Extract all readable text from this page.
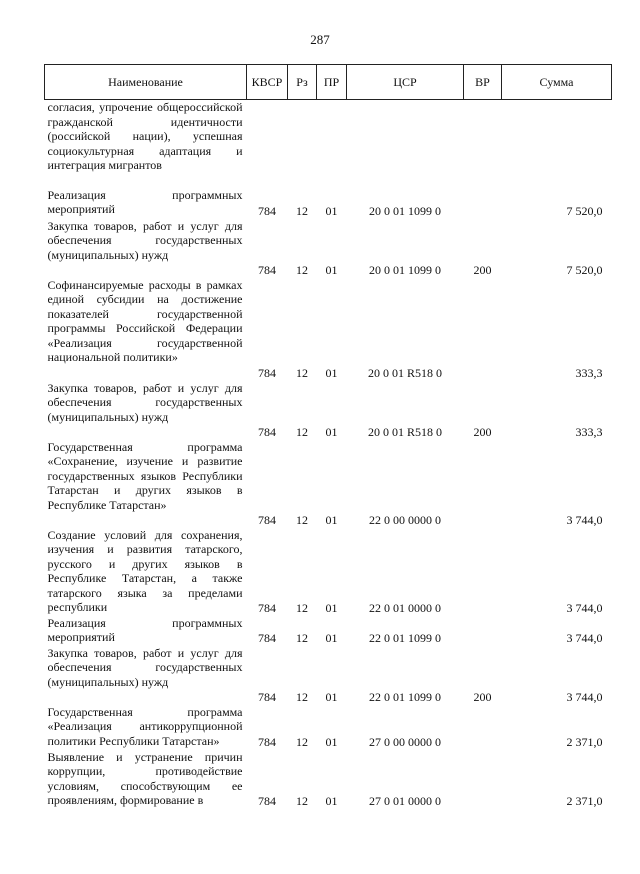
287
Наименование	КВСР	Рз	ПР	ЦСР	ВР	Сумма
согласия, упрочение общероссийской гражданской идентичности (российской нации), успешная социокультурная адаптация и интеграция мигрантов						
Реализация программных мероприятий	784	12	01	20 0 01 1099 0		7 520,0
Закупка товаров, работ и услуг для обеспечения государственных (муниципальных) нужд	784	12	01	20 0 01 1099 0	200	7 520,0
Софинансируемые расходы в рамках единой субсидии на достижение показателей государственной программы Российской Федерации «Реализация государственной национальной политики»	784	12	01	20 0 01 R518 0		333,3
Закупка товаров, работ и услуг для обеспечения государственных (муниципальных) нужд	784	12	01	20 0 01 R518 0	200	333,3
Государственная программа «Сохранение, изучение и развитие государственных языков Республики Татарстан и других языков в Республике Татарстан»	784	12	01	22 0 00 0000 0		3 744,0
Создание условий для сохранения, изучения и развития татарского, русского и других языков в Республике Татарстан, а также татарского языка за пределами республики	784	12	01	22 0 01 0000 0		3 744,0
Реализация программных мероприятий	784	12	01	22 0 01 1099 0		3 744,0
Закупка товаров, работ и услуг для обеспечения государственных (муниципальных) нужд	784	12	01	22 0 01 1099 0	200	3 744,0
Государственная программа «Реализация антикоррупционной политики Республики Татарстан»	784	12	01	27 0 00 0000 0		2 371,0
Выявление и устранение причин коррупции, противодействие условиям, способствующим ее проявлениям, формирование в	784	12	01	27 0 01 0000 0		2 371,0
